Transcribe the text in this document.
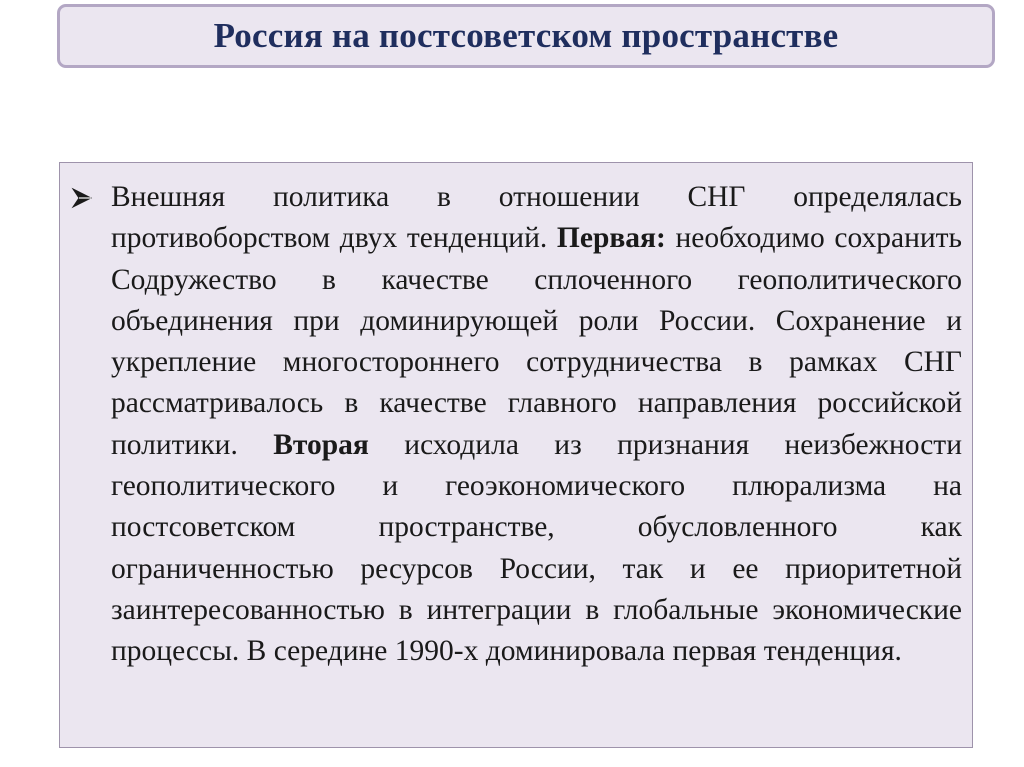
Россия на постсоветском пространстве
Внешняя политика в отношении СНГ определялась противоборством двух тенденций. Первая: необходимо сохранить Содружество в качестве сплоченного геополитического объединения при доминирующей роли России. Сохранение и укрепление многостороннего сотрудничества в рамках СНГ рассматривалось в качестве главного направления российской политики. Вторая исходила из признания неизбежности геополитического и геоэкономического плюрализма на постсоветском пространстве, обусловленного как ограниченностью ресурсов России, так и ее приоритетной заинтересованностью в интеграции в глобальные экономические процессы. В середине 1990-х доминировала первая тенденция.
